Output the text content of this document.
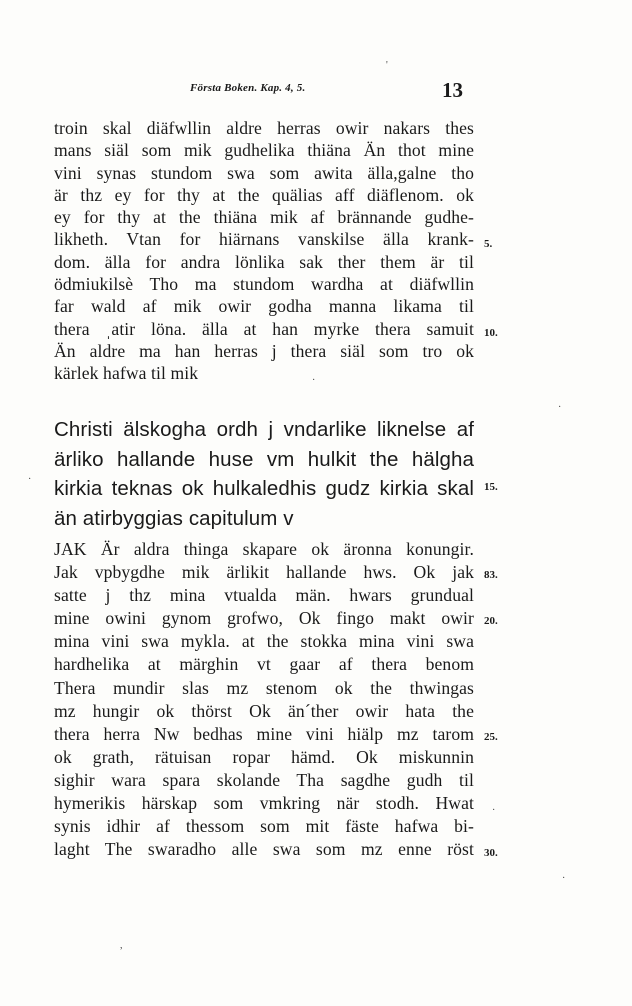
Första Boken. Kap. 4, 5.	13
troin skal diäfwllin aldre herras owir nakars thes
mans siäl som mik gudhelika thiäna Än thot mine
vini synas stundom swa som awita älla,galne tho
är thz ey for thy at the quälias aff diäflenom. ok
ey for thy at the thiäna mik af brännande gudhe-
likheth. Vtan for hiärnans vanskilse älla krank-
dom. älla for andra lönlika sak ther them är til
ödmiukilsè Tho ma stundom wardha at diäfwllin
far wald af mik owir godha manna likama til
thera ˌatir löna. älla at han myrke thera samuit
Än aldre ma han herras j thera siäl som tro ok
kärlek hafwa til mik
Christi älskogha ordh j vndarlike liknelse af
ärliko hallande huse vm hulkit the hälgha
kirkia teknas ok hulkaledhis gudz kirkia skal
än atirbyggias capitulum v
JAK Är aldra thinga skapare ok äronna konungir.
Jak vpbygdhe mik ärlikit hallande hws. Ok jak
satte j thz mina vtualda män. hwars grundual
mine owini gynom grofwo, Ok fingo makt owir
mina vini swa mykla. at the stokka mina vini swa
hardhelika at märghin vt gaar af thera benom
Thera mundir slas mz stenom ok the thwingas
mz hungir ok thörst Ok än´ther owir hata the
thera herra Nw bedhas mine vini hiälp mz tarom
ok grath, rätuisan ropar hämd. Ok miskunnin
sighir wara spara skolande Tha sagdhe gudh til
hymerikis härskap som vmkring när stodh. Hwat
synis idhir af thessom som mit fäste hafwa bi-
laght The swaradho alle swa som mz enne röst
5.
10.
15.
83.
20.
25.
30.
'
·
·
·
·
·
,
